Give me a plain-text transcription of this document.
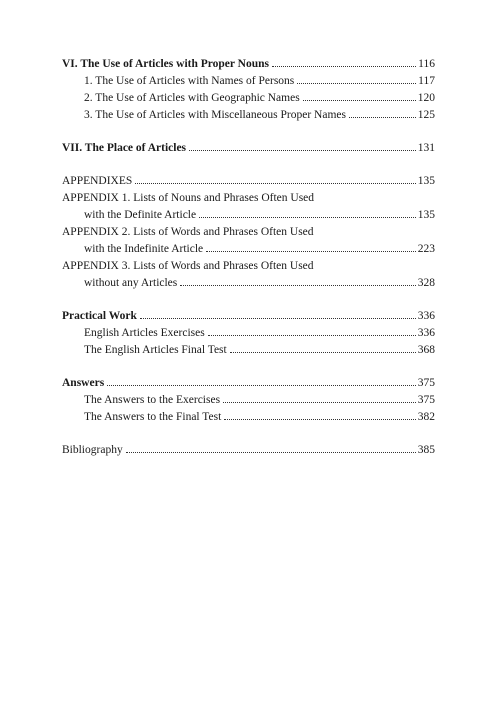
VI. The Use of Articles with Proper Nouns	116
1. The Use of Articles with Names of Persons	117
2. The Use of Articles with Geographic Names	120
3. The Use of Articles with Miscellaneous Proper Names	125
VII. The Place of Articles	131
APPENDIXES	135
APPENDIX 1. Lists of Nouns and Phrases Often Used
with the Definite Article	135
APPENDIX 2. Lists of Words and Phrases Often Used
with the Indefinite Article	223
APPENDIX 3. Lists of Words and Phrases Often Used
without any Articles	328
Practical Work	336
English Articles Exercises	336
The English Articles Final Test	368
Answers	375
The Answers to the Exercises	375
The Answers to the Final Test	382
Bibliography	385
